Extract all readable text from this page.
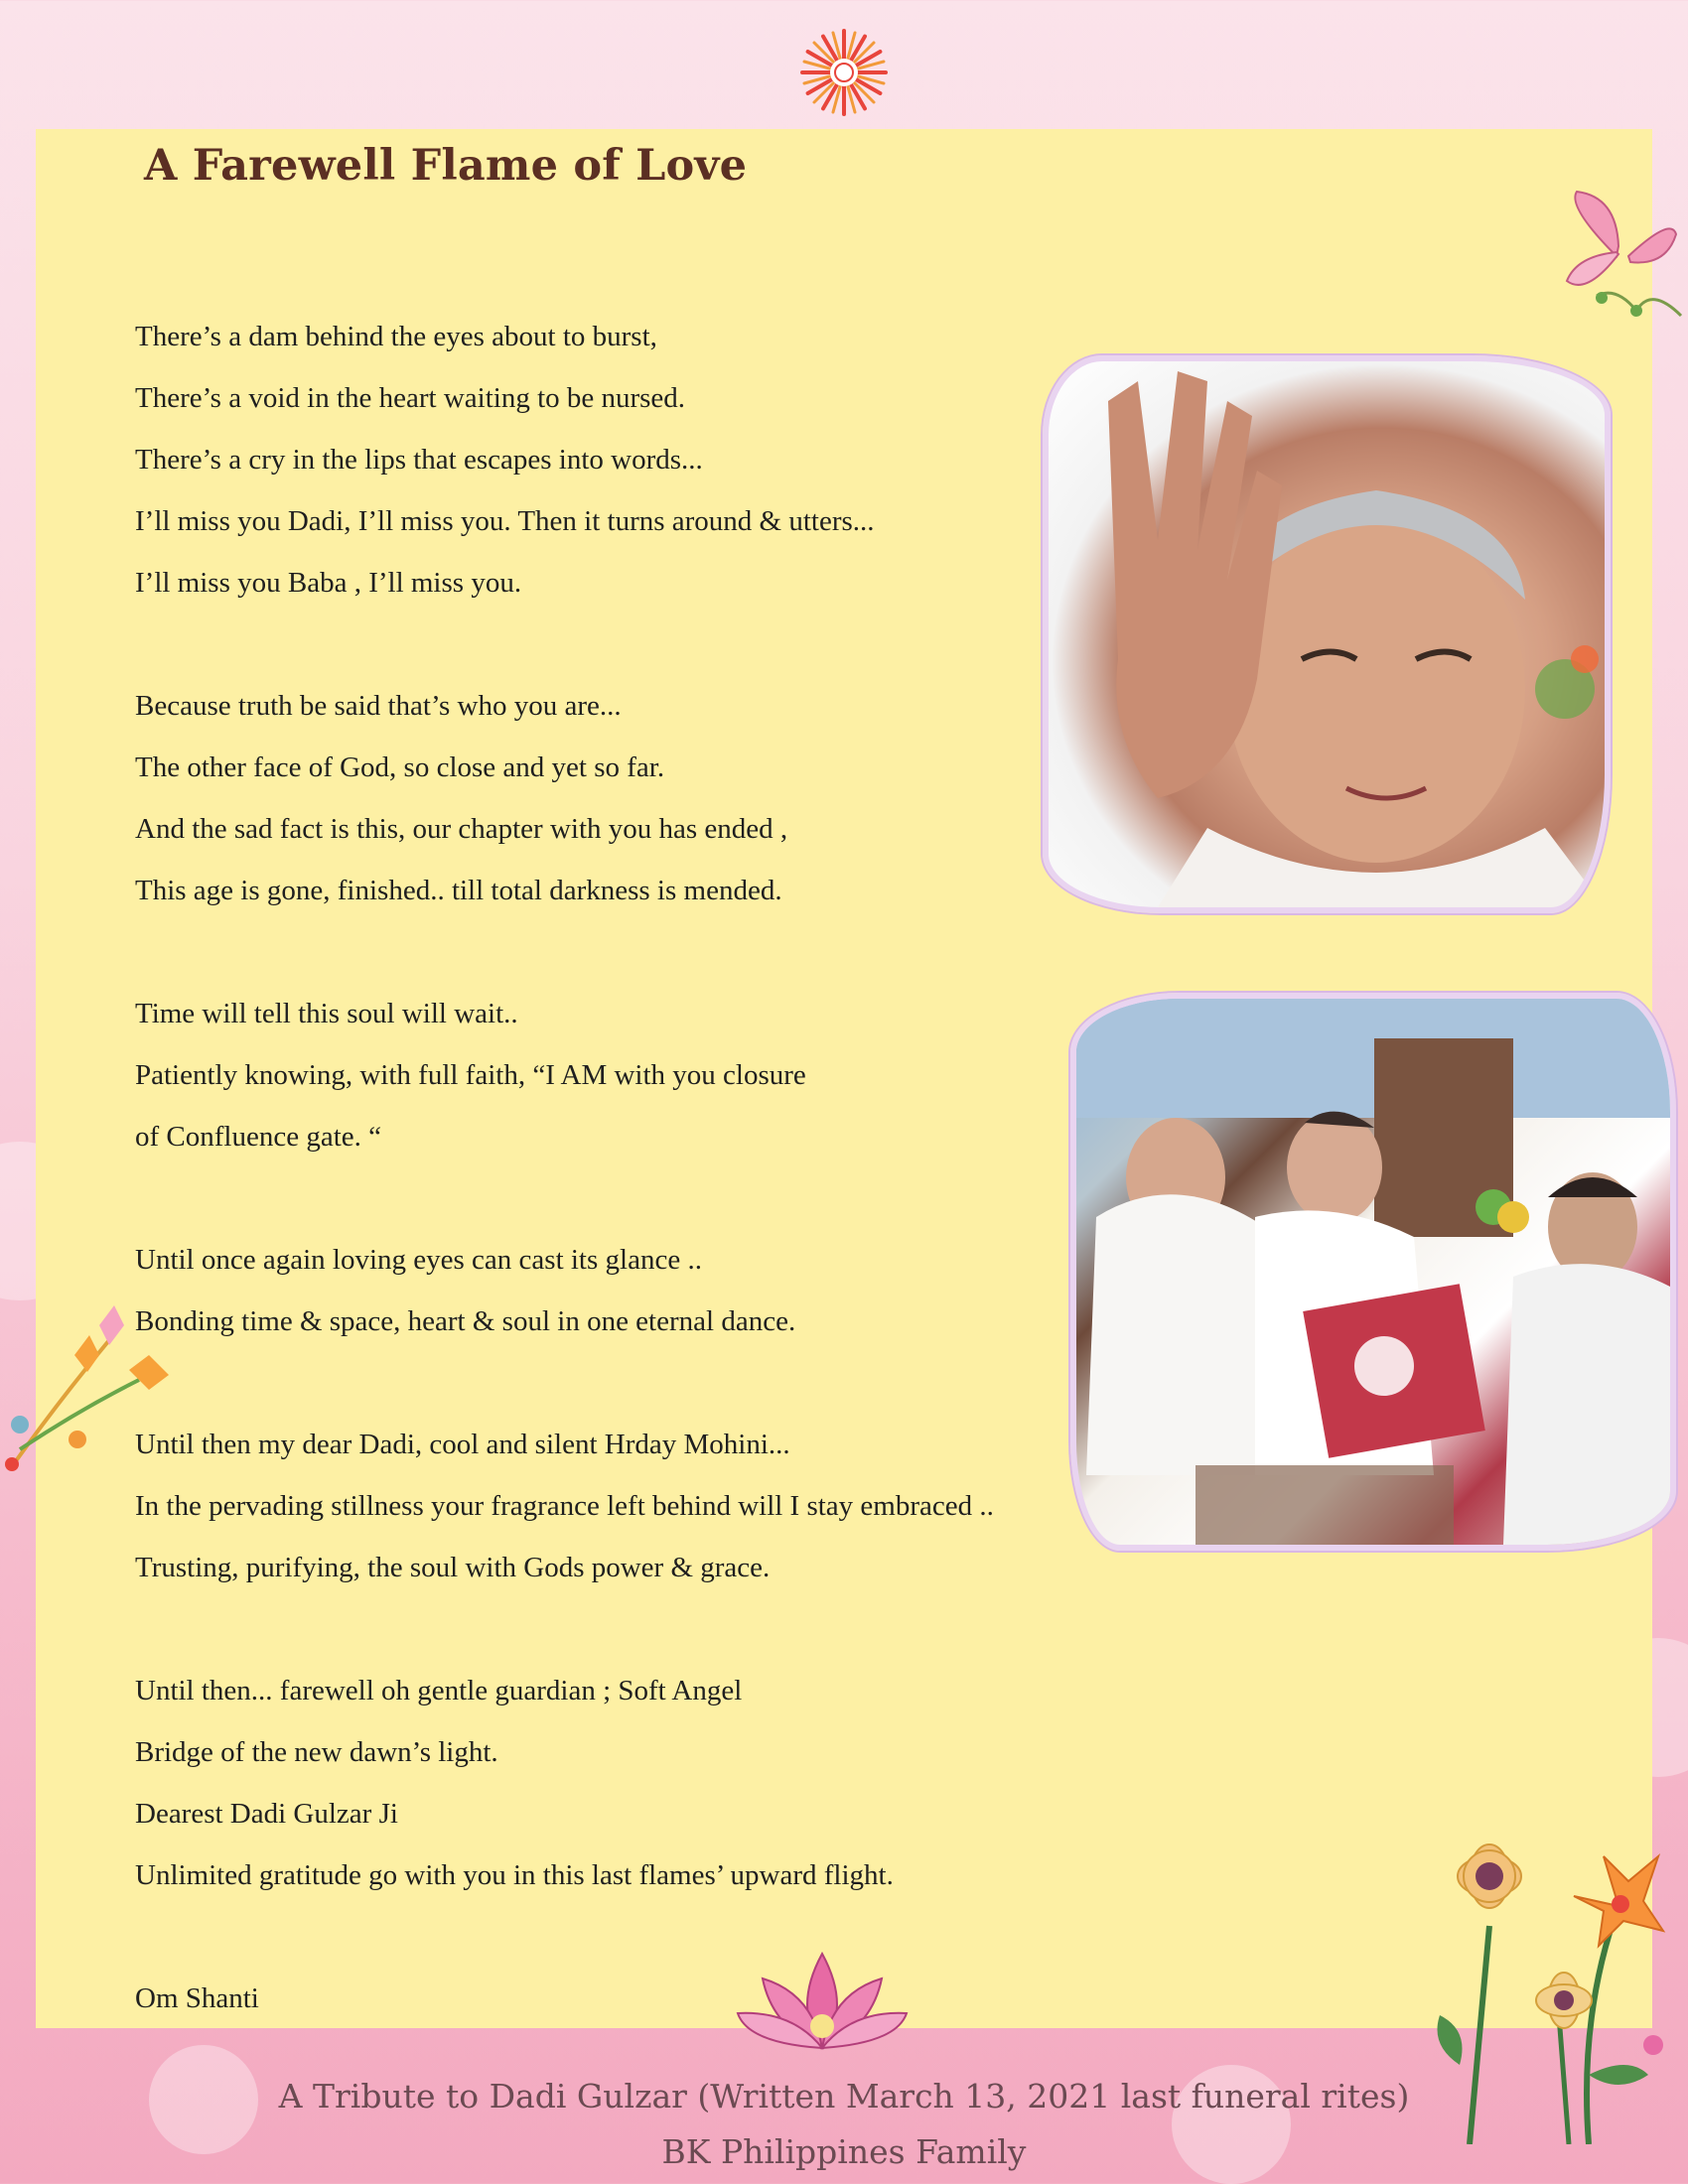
A Farewell Flame of Love
There’s a dam behind the eyes about to burst,
There’s a void in the heart waiting to be nursed.
There’s a cry in the lips that escapes into words...
I’ll miss you Dadi, I’ll miss you. Then it turns around & utters...
I’ll miss you Baba , I’ll miss you.
Because truth be said that’s who you are...
The other face of God, so close and yet so far.
And the sad fact is this, our chapter with you has ended ,
This age is gone, finished.. till total darkness is mended.
Time will tell this soul will wait..
Patiently knowing, with full faith, “I AM with you closure
of Confluence gate. “
Until once again loving eyes can cast its glance ..
Bonding time & space, heart & soul in one eternal dance.
Until then my dear Dadi, cool and silent Hrday Mohini...
In the pervading stillness your fragrance left behind will I stay embraced ..
Trusting, purifying, the soul with Gods power & grace.
Until then... farewell oh gentle guardian ; Soft Angel
Bridge of the new dawn’s light.
Dearest Dadi Gulzar Ji
Unlimited gratitude go with you in this last flames’ upward flight.
Om Shanti
A Tribute to Dadi Gulzar (Written March 13, 2021 last funeral rites)
BK Philippines Family
